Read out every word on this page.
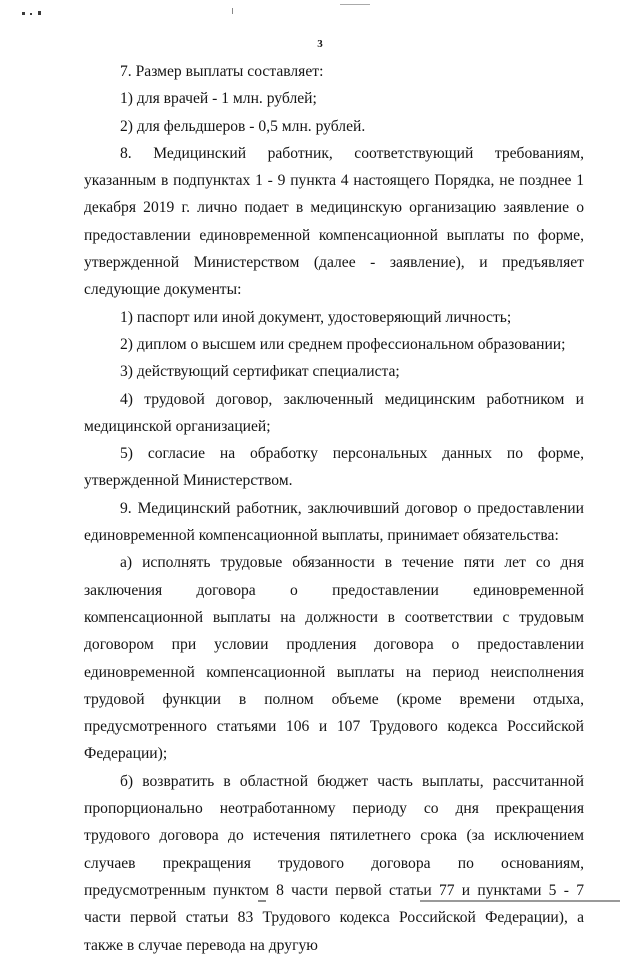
3

7. Размер выплаты составляет:

1) для врачей - 1 млн. рублей;

2) для фельдшеров - 0,5 млн. рублей.

8. Медицинский работник, соответствующий требованиям, указанным в подпунктах 1 - 9 пункта 4 настоящего Порядка, не позднее 1 декабря 2019 г. лично подает в медицинскую организацию заявление о предоставлении единовременной компенсационной выплаты по форме, утвержденной Министерством (далее - заявление), и предъявляет следующие документы:

1) паспорт или иной документ, удостоверяющий личность;

2) диплом о высшем или среднем профессиональном образовании;

3) действующий сертификат специалиста;

4) трудовой договор, заключенный медицинским работником и медицинской организацией;

5) согласие на обработку персональных данных по форме, утвержденной Министерством.

9. Медицинский работник, заключивший договор о предоставлении единовременной компенсационной выплаты, принимает обязательства:

а) исполнять трудовые обязанности в течение пяти лет со дня заключения договора о предоставлении единовременной компенсационной выплаты на должности в соответствии с трудовым договором при условии продления договора о предоставлении единовременной компенсационной выплаты на период неисполнения трудовой функции в полном объеме (кроме времени отдыха, предусмотренного статьями 106 и 107 Трудового кодекса Российской Федерации);

б) возвратить в областной бюджет часть выплаты, рассчитанной пропорционально неотработанному периоду со дня прекращения трудового договора до истечения пятилетнего срока (за исключением случаев прекращения трудового договора по основаниям, предусмотренным пунктом 8 части первой статьи 77 и пунктами 5 - 7 части первой статьи 83 Трудового кодекса Российской Федерации), а также в случае перевода на другую
